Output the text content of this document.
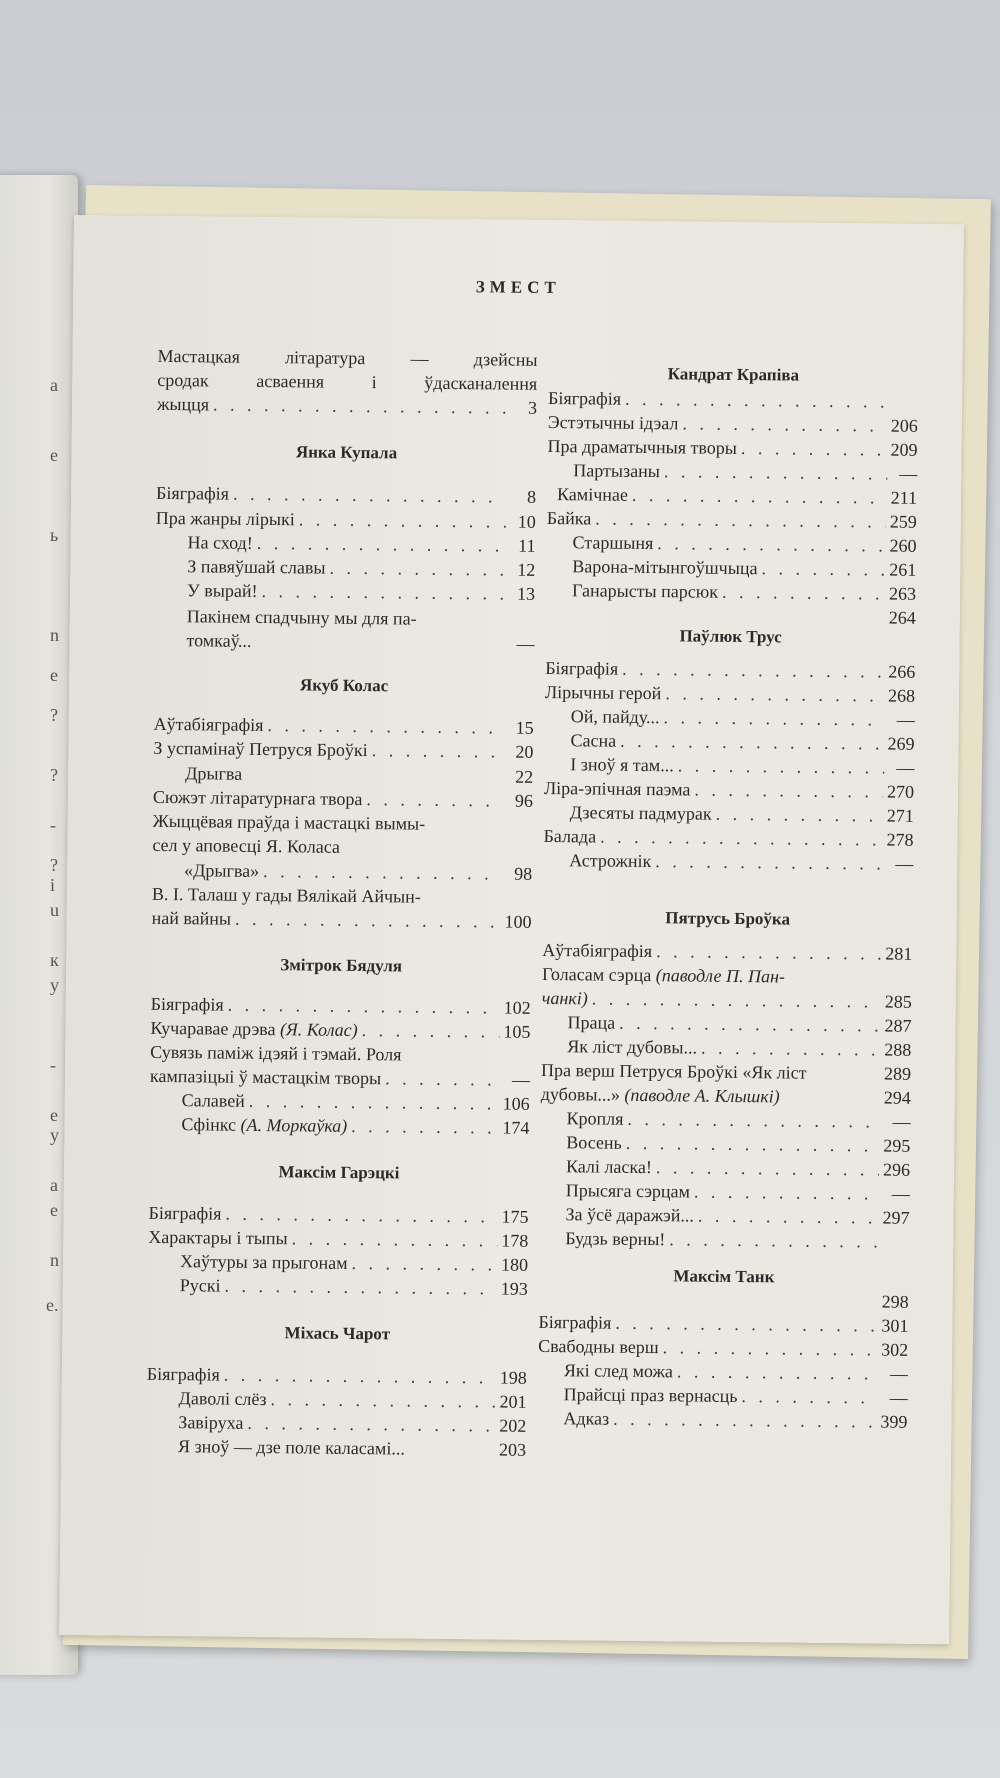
a
e
ь
n
e
?
?
-
?
i
u
к
y
-
e
y
a
e
n
e.
ЗМЕСТ
Мастацкая літаратура — дзейсны
сродак асваення і ўдасканалення
жыцця . . .	3
Янка Купала
Біяграфія . . .	8
Пра жанры лірыкі . . .	10
На сход! . . .	11
З павяўшай славы . . .	12
У вырай! . . .	13
Пакінем спадчыну мы для па-
томкаў...	—
Якуб Колас
Аўтабіяграфія . . .	15
З успамінаў Петруся Броўкі . . .	20
Дрыгва	22
Сюжэт літаратурнага твора . . .	96
Жыццёвая праўда і мастацкі вымы-
сел у аповесці Я. Коласа
«Дрыгва» . . .	98
В. І. Талаш у гады Вялікай Айчын-
най вайны . . .	100
Змітрок Бядуля
Біяграфія . . .	102
Кучаравае дрэва (Я. Колас) . . .	105
Сувязь паміж ідэяй і тэмай. Роля
кампазіцыі ў мастацкім творы . . .	—
Салавей . . .	106
Сфінкс (А. Моркаўка) . . .	174
Максім Гарэцкі
Біяграфія . . .	175
Характары і тыпы . . .	178
Хаўтуры за прыгонам . . .	180
Рускі . . .	193
Міхась Чарот
Біяграфія . . .	198
Даволі слёз . . .	201
Завіруха . . .	202
Я зноў — дзе поле каласамі...	203
Кандрат Крапіва
Біяграфія
. . .
Эстэтычны ідэал . . .	206
Пра драматычныя творы . . .	209
Партызаны . . .	—
Камічнае . . .	211
Байка . . .	259
Старшыня . . .	260
Варона-мітынгоўшчыца . . .	261
Ганарысты парсюк . . .	263
264
Паўлюк Трус
Біяграфія . . .	266
Лірычны герой . . .	268
Ой, пайду... . . .	—
Сасна . . .	269
І зноў я там... . . .	—
Ліра-эпічная паэма . . .	270
Дзесяты падмурак . . .	271
Балада . . .	278
Астрожнік . . .	—
Пятрусь Броўка
Аўтабіяграфія . . .	281
Голасам сэрца (паводле П. Пан-
чанкі) . . .	285
Праца . . .	287
Як ліст дубовы... . . .	288
Пра верш Петруся Броўкі «Як ліст	289
дубовы...» (паводле А. Клышкі)	294
Кропля . . .	—
Восень . . .	295
Калі ласка! . . .	296
Прысяга сэрцам . . .	—
За ўсё даражэй... . . .	297
Будзь верны!
. . .
Максім Танк
298
Біяграфія . . .	301
Свабодны верш . . .	302
Які след можа . . .	—
Прайсці праз вернасць . . .	—
Адказ . . .	399
